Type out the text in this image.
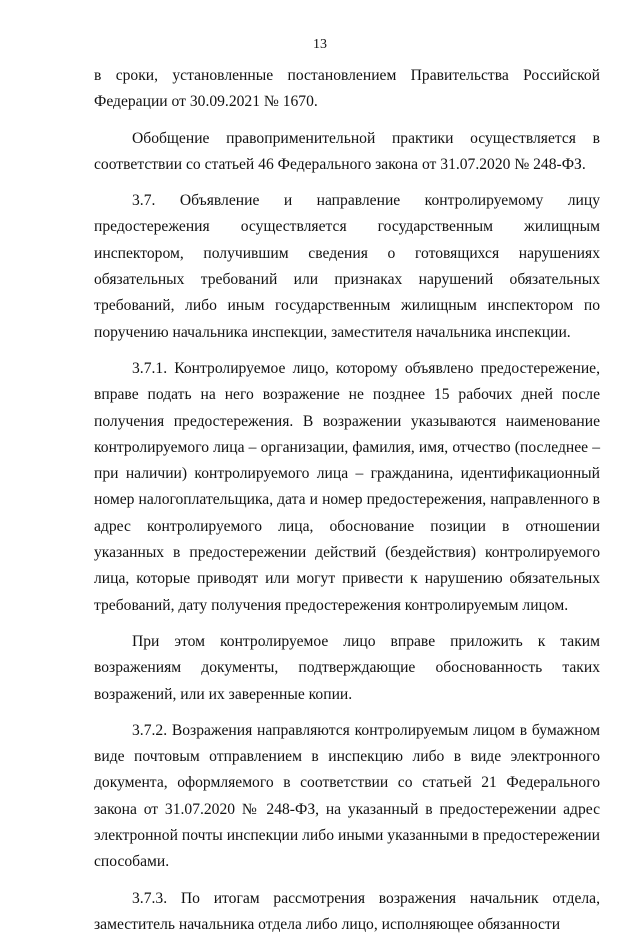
13

в сроки, установленные постановлением Правительства Российской Федерации от 30.09.2021 № 1670.

Обобщение правоприменительной практики осуществляется в соответствии со статьей 46 Федерального закона от 31.07.2020 № 248-ФЗ.

3.7. Объявление и направление контролируемому лицу предостережения осуществляется государственным жилищным инспектором, получившим сведения о готовящихся нарушениях обязательных требований или признаках нарушений обязательных требований, либо иным государственным жилищным инспектором по поручению начальника инспекции, заместителя начальника инспекции.

3.7.1. Контролируемое лицо, которому объявлено предостережение, вправе подать на него возражение не позднее 15 рабочих дней после получения предостережения. В возражении указываются наименование контролируемого лица – организации, фамилия, имя, отчество (последнее – при наличии) контролируемого лица – гражданина, идентификационный номер налогоплательщика, дата и номер предостережения, направленного в адрес контролируемого лица, обоснование позиции в отношении указанных в предостережении действий (бездействия) контролируемого лица, которые приводят или могут привести к нарушению обязательных требований, дату получения предостережения контролируемым лицом.

При этом контролируемое лицо вправе приложить к таким возражениям документы, подтверждающие обоснованность таких возражений, или их заверенные копии.

3.7.2. Возражения направляются контролируемым лицом в бумажном виде почтовым отправлением в инспекцию либо в виде электронного документа, оформляемого в соответствии со статьей 21 Федерального закона от 31.07.2020 № 248-ФЗ, на указанный в предостережении адрес электронной почты инспекции либо иными указанными в предостережении способами.

3.7.3. По итогам рассмотрения возражения начальник отдела, заместитель начальника отдела либо лицо, исполняющее обязанности
